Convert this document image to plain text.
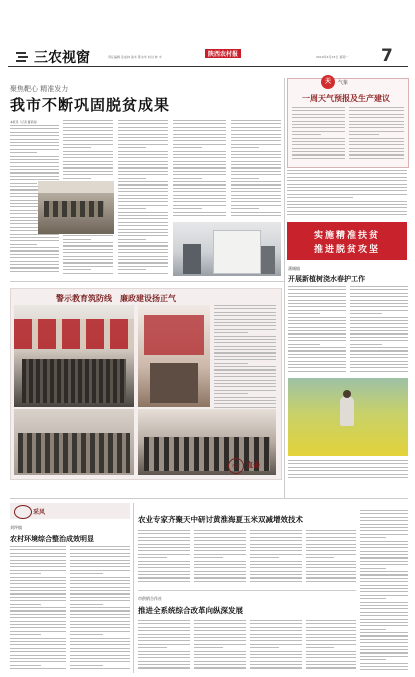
三农视窗	责任编辑 张成林 美术 陈永华 校对 林 丰	陕西农村报	2019年4月15日 星期一 7
聚焦靶心 精准发力
我市不断巩固脱贫成果
本报讯（记者 董荣森）
天	气象
一周天气预报及生产建议
实施精准扶贫
推进脱贫攻坚
警示教育筑防线　廉政建设扬正气
视觉 直击
蒲城镇
开展新植树浇水春护工作
采风
刘坪镇
农村环境综合整治成效明显
农业专家齐聚天中研讨黄淮海夏玉米双减增效技术
市供销合作社
推进全系统综合改革向纵深发展
